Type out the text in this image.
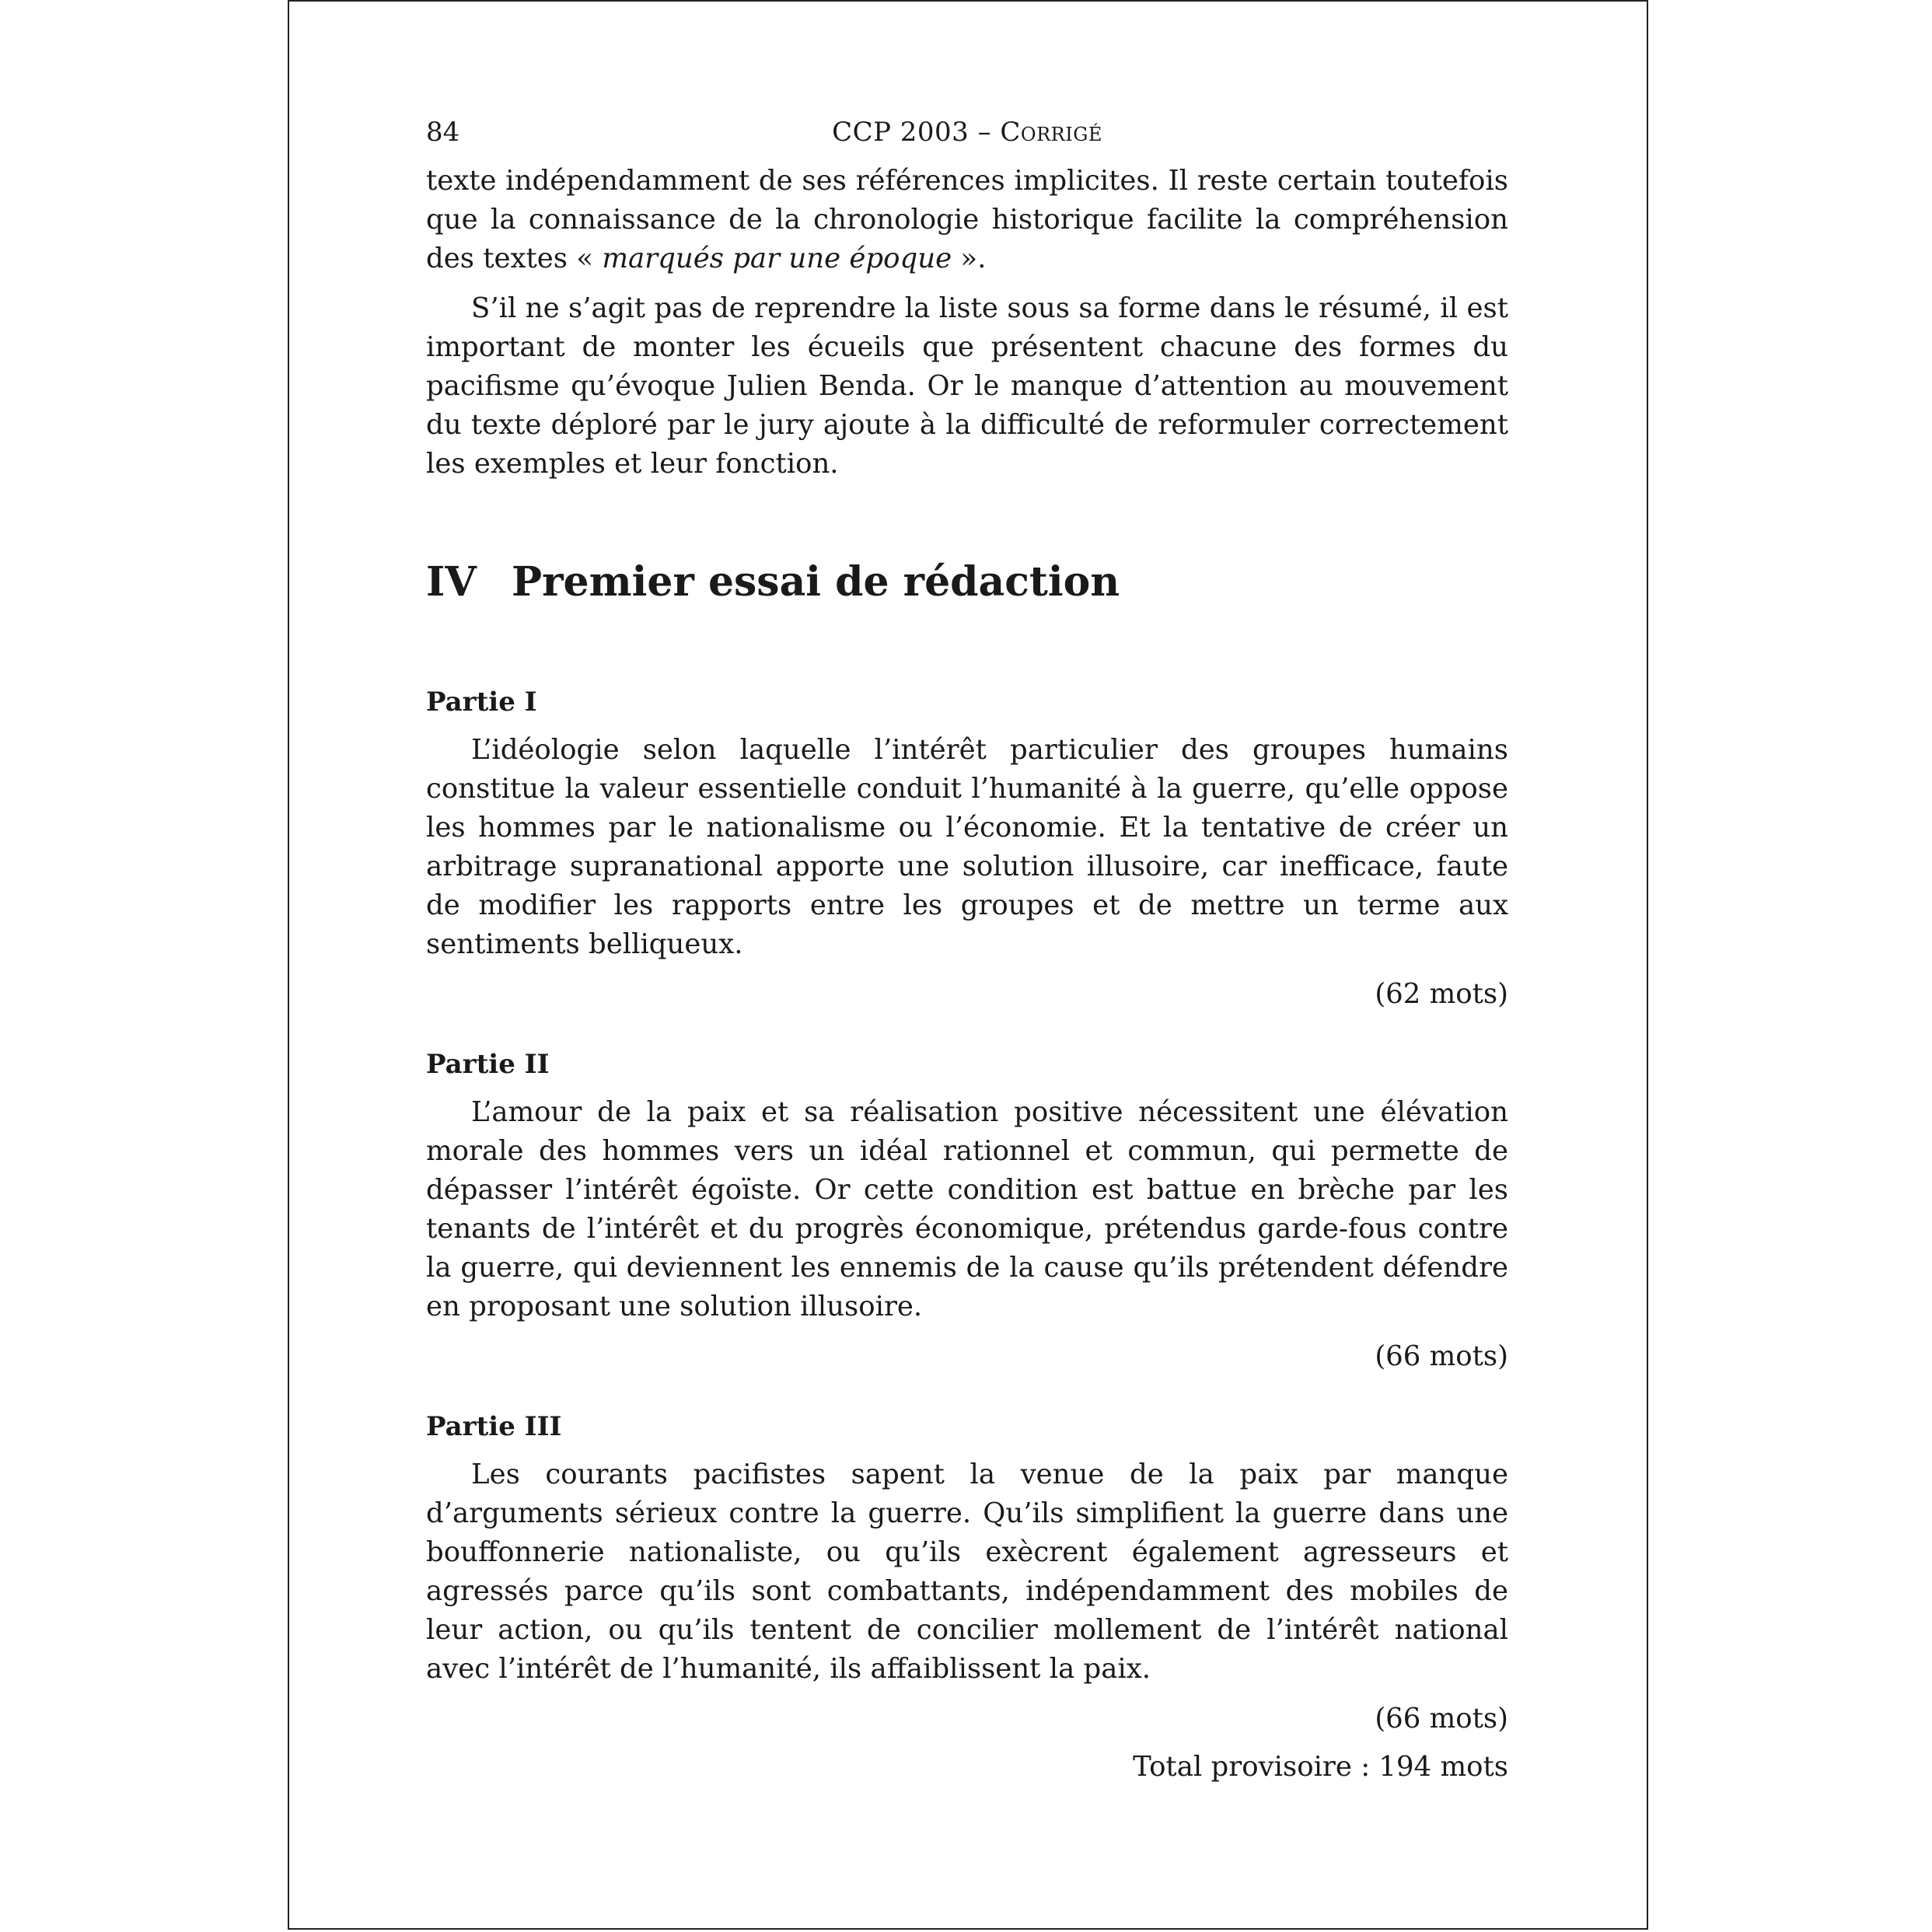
84	CCP 2003 – Corrigé

texte indépendamment de ses références implicites. Il reste certain toutefois que la connaissance de la chronologie historique facilite la compréhension des textes « marqués par une époque ».

S’il ne s’agit pas de reprendre la liste sous sa forme dans le résumé, il est important de monter les écueils que présentent chacune des formes du pacifisme qu’évoque Julien Benda. Or le manque d’attention au mouvement du texte déploré par le jury ajoute à la difficulté de reformuler correctement les exemples et leur fonction.

IV Premier essai de rédaction

Partie I

L’idéologie selon laquelle l’intérêt particulier des groupes humains constitue la valeur essentielle conduit l’humanité à la guerre, qu’elle oppose les hommes par le nationalisme ou l’économie. Et la tentative de créer un arbitrage supranational apporte une solution illusoire, car inefficace, faute de modifier les rapports entre les groupes et de mettre un terme aux sentiments belliqueux.

(62 mots)

Partie II

L’amour de la paix et sa réalisation positive nécessitent une élévation morale des hommes vers un idéal rationnel et commun, qui permette de dépasser l’intérêt égoïste. Or cette condition est battue en brèche par les tenants de l’intérêt et du progrès économique, prétendus garde-fous contre la guerre, qui deviennent les ennemis de la cause qu’ils prétendent défendre en proposant une solution illusoire.

(66 mots)

Partie III

Les courants pacifistes sapent la venue de la paix par manque d’arguments sérieux contre la guerre. Qu’ils simplifient la guerre dans une bouffonnerie nationaliste, ou qu’ils exècrent également agresseurs et agressés parce qu’ils sont combattants, indépendamment des mobiles de leur action, ou qu’ils tentent de concilier mollement de l’intérêt national avec l’intérêt de l’humanité, ils affaiblissent la paix.

(66 mots)
Total provisoire : 194 mots
